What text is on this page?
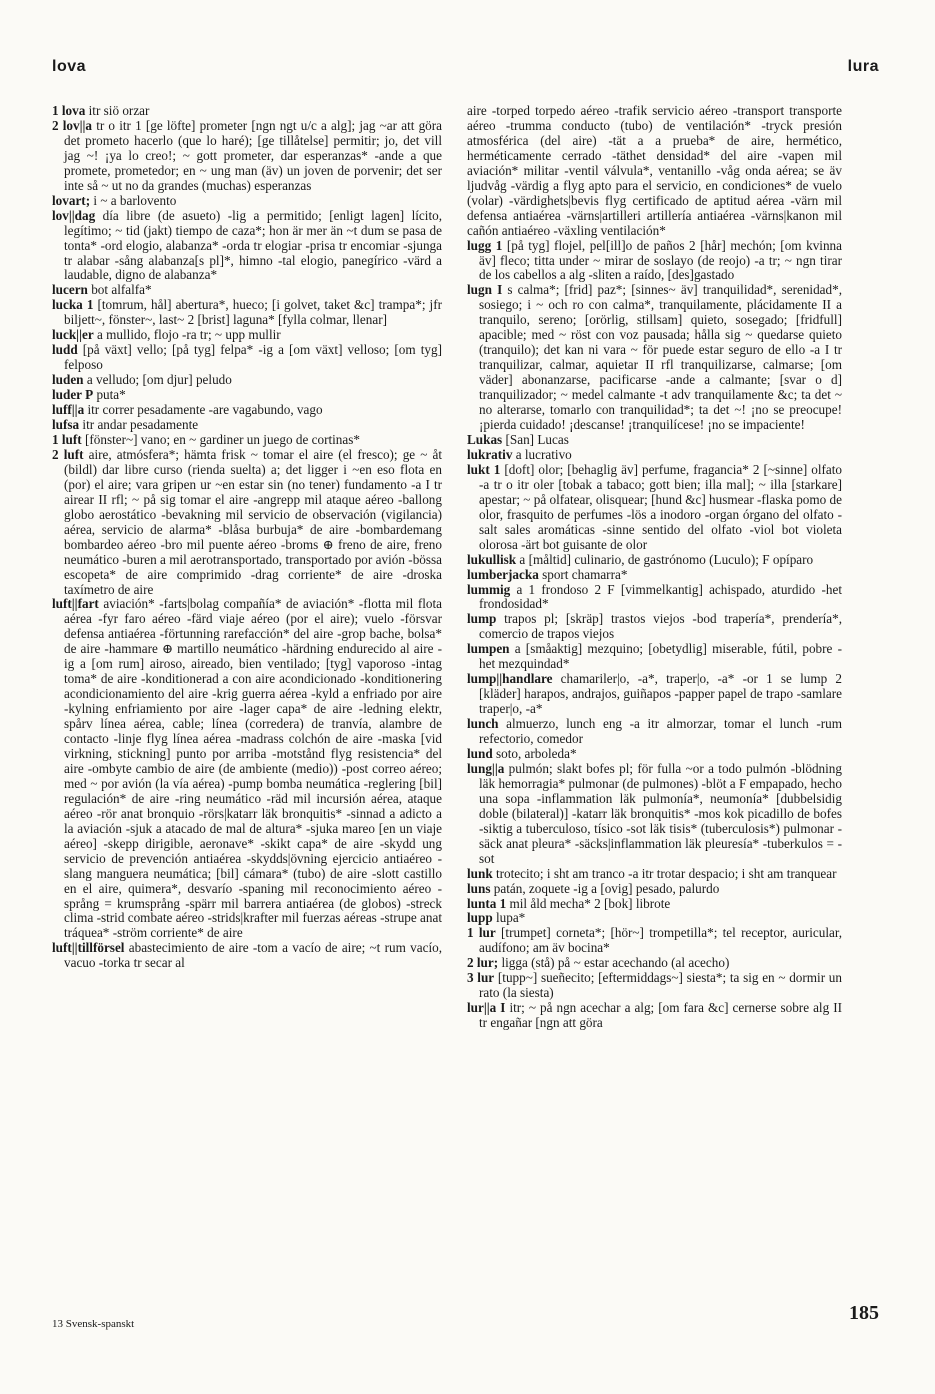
lova	lura

1 lova itr siö orzar

2 lov||a tr o itr 1 [ge löfte] prometer [ngn ngt u/c a alg]; jag ~ar att göra det prometo hacerlo (que lo haré); [ge tillåtelse] permitir; jo, det vill jag ~! ¡ya lo creo!; ~ gott prometer, dar esperanzas* -ande a que promete, prometedor; en ~ ung man (äv) un joven de porvenir; det ser inte så ~ ut no da grandes (muchas) esperanzas

lovart; i ~ a barlovento

lov||dag día libre (de asueto) -lig a permitido; [enligt lagen] lícito, legítimo; ~ tid (jakt) tiempo de caza*; hon är mer än ~t dum se pasa de tonta* -ord elogio, alabanza* -orda tr elogiar -prisa tr encomiar -sjunga tr alabar -sång alabanza[s pl]*, himno -tal elogio, panegírico -värd a laudable, digno de alabanza*

lucern bot alfalfa*

lucka 1 [tomrum, hål] abertura*, hueco; [i golvet, taket &c] trampa*; jfr biljett~, fönster~, last~ 2 [brist] laguna* [fylla colmar, llenar]

luck||er a mullido, flojo -ra tr; ~ upp mullir

ludd [på växt] vello; [på tyg] felpa* -ig a [om växt] velloso; [om tyg] felposo

luden a velludo; [om djur] peludo

luder P puta*

luff||a itr correr pesadamente -are vagabundo, vago

lufsa itr andar pesadamente

1 luft [fönster~] vano; en ~ gardiner un juego de cortinas*

2 luft aire, atmósfera*; hämta frisk ~ tomar el aire (el fresco); ge ~ åt (bildl) dar libre curso (rienda suelta) a; det ligger i ~en eso flota en (por) el aire; vara gripen ur ~en estar sin (no tener) fundamento -a I tr airear II rfl; ~ på sig tomar el aire -angrepp mil ataque aéreo -ballong globo aerostático -bevakning mil servicio de observación (vigilancia) aérea, servicio de alarma* -blåsa burbuja* de aire -bombardemang bombardeo aéreo -bro mil puente aéreo -broms ⊕ freno de aire, freno neumático -buren a mil aerotransportado, transportado por avión -bössa escopeta* de aire comprimido -drag corriente* de aire -droska taxímetro de aire

luft||fart aviación* -farts|bolag compañía* de aviación* -flotta mil flota aérea -fyr faro aéreo -färd viaje aéreo (por el aire); vuelo -försvar defensa antiaérea -förtunning rarefacción* del aire -grop bache, bolsa* de aire -hammare ⊕ martillo neumático -härdning endurecido al aire -ig a [om rum] airoso, aireado, bien ventilado; [tyg] vaporoso -intag toma* de aire -konditionerad a con aire acondicionado -konditionering acondicionamiento del aire -krig guerra aérea -kyld a enfriado por aire -kylning enfriamiento por aire -lager capa* de aire -ledning elektr, spårv línea aérea, cable; línea (corredera) de tranvía, alambre de contacto -linje flyg línea aérea -madrass colchón de aire -maska [vid virkning, stickning] punto por arriba -motstånd flyg resistencia* del aire -ombyte cambio de aire (de ambiente (medio)) -post correo aéreo; med ~ por avión (la vía aérea) -pump bomba neumática -reglering [bil] regulación* de aire -ring neumático -räd mil incursión aérea, ataque aéreo -rör anat bronquio -rörs|katarr läk bronquitis* -sinnad a adicto a la aviación -sjuk a atacado de mal de altura* -sjuka mareo [en un viaje aéreo] -skepp dirigible, aeronave* -skikt capa* de aire -skydd ung servicio de prevención antiaérea -skydds|övning ejercicio antiaéreo -slang manguera neumática; [bil] cámara* (tubo) de aire -slott castillo en el aire, quimera*, desvarío -spaning mil reconocimiento aéreo -språng = krumsprång -spärr mil barrera antiaérea (de globos) -streck clima -strid combate aéreo -strids|krafter mil fuerzas aéreas -strupe anat tráquea* -ström corriente* de aire

luft||tillförsel abastecimiento de aire -tom a vacío de aire; ~t rum vacío, vacuo -torka tr secar al

aire -torped torpedo aéreo -trafik servicio aéreo -transport transporte aéreo -trumma conducto (tubo) de ventilación* -tryck presión atmosférica (del aire) -tät a a prueba* de aire, hermético, herméticamente cerrado -täthet densidad* del aire -vapen mil aviación* militar -ventil válvula*, ventanillo -våg onda aérea; se äv ljudvåg -värdig a flyg apto para el servicio, en condiciones* de vuelo (volar) -värdighets|bevis flyg certificado de aptitud aérea -värn mil defensa antiaérea -värns|artilleri artillería antiaérea -värns|kanon mil cañón antiaéreo -växling ventilación*

lugg 1 [på tyg] flojel, pel[ill]o de paños 2 [hår] mechón; [om kvinna äv] fleco; titta under ~ mirar de soslayo (de reojo) -a tr; ~ ngn tirar de los cabellos a alg -sliten a raído, [des]gastado

lugn I s calma*; [frid] paz*; [sinnes~ äv] tranquilidad*, serenidad*, sosiego; i ~ och ro con calma*, tranquilamente, plácidamente II a tranquilo, sereno; [orörlig, stillsam] quieto, sosegado; [fridfull] apacible; med ~ röst con voz pausada; hålla sig ~ quedarse quieto (tranquilo); det kan ni vara ~ för puede estar seguro de ello -a I tr tranquilizar, calmar, aquietar II rfl tranquilizarse, calmarse; [om väder] abonanzarse, pacificarse -ande a calmante; [svar o d] tranquilizador; ~ medel calmante -t adv tranquilamente &c; ta det ~ no alterarse, tomarlo con tranquilidad*; ta det ~! ¡no se preocupe! ¡pierda cuidado! ¡descanse! ¡tranquilícese! ¡no se impaciente!

Lukas [San] Lucas

lukrativ a lucrativo

lukt 1 [doft] olor; [behaglig äv] perfume, fragancia* 2 [~sinne] olfato -a tr o itr oler [tobak a tabaco; gott bien; illa mal]; ~ illa [starkare] apestar; ~ på olfatear, olisquear; [hund &c] husmear -flaska pomo de olor, frasquito de perfumes -lös a inodoro -organ órgano del olfato -salt sales aromáticas -sinne sentido del olfato -viol bot violeta olorosa -ärt bot guisante de olor

lukullisk a [måltid] culinario, de gastrónomo (Luculo); F opíparo

lumberjacka sport chamarra*

lummig a 1 frondoso 2 F [vimmelkantig] achispado, aturdido -het frondosidad*

lump trapos pl; [skräp] trastos viejos -bod trapería*, prendería*, comercio de trapos viejos

lumpen a [småaktig] mezquino; [obetydlig] miserable, fútil, pobre -het mezquindad*

lump||handlare chamariler|o, -a*, traper|o, -a* -or 1 se lump 2 [kläder] harapos, andrajos, guiñapos -papper papel de trapo -samlare traper|o, -a*

lunch almuerzo, lunch eng -a itr almorzar, tomar el lunch -rum refectorio, comedor

lund soto, arboleda*

lung||a pulmón; slakt bofes pl; för fulla ~or a todo pulmón -blödning läk hemorragia* pulmonar (de pulmones) -blöt a F empapado, hecho una sopa -inflammation läk pulmonía*, neumonía* [dubbelsidig doble (bilateral)] -katarr läk bronquitis* -mos kok picadillo de bofes -siktig a tuberculoso, tísico -sot läk tisis* (tuberculosis*) pulmonar -säck anat pleura* -säcks|inflammation läk pleuresía* -tuberkulos = -sot

lunk trotecito; i sht am tranco -a itr trotar despacio; i sht am tranquear

luns patán, zoquete -ig a [ovig] pesado, palurdo

lunta 1 mil åld mecha* 2 [bok] librote

lupp lupa*

1 lur [trumpet] corneta*; [hör~] trompetilla*; tel receptor, auricular, audífono; am äv bocina*

2 lur; ligga (stå) på ~ estar acechando (al acecho)

3 lur [tupp~] sueñecito; [eftermiddags~] siesta*; ta sig en ~ dormir un rato (la siesta)

lur||a I itr; ~ på ngn acechar a alg; [om fara &c] cernerse sobre alg II tr engañar [ngn att göra

13 Svensk-spanskt	185
